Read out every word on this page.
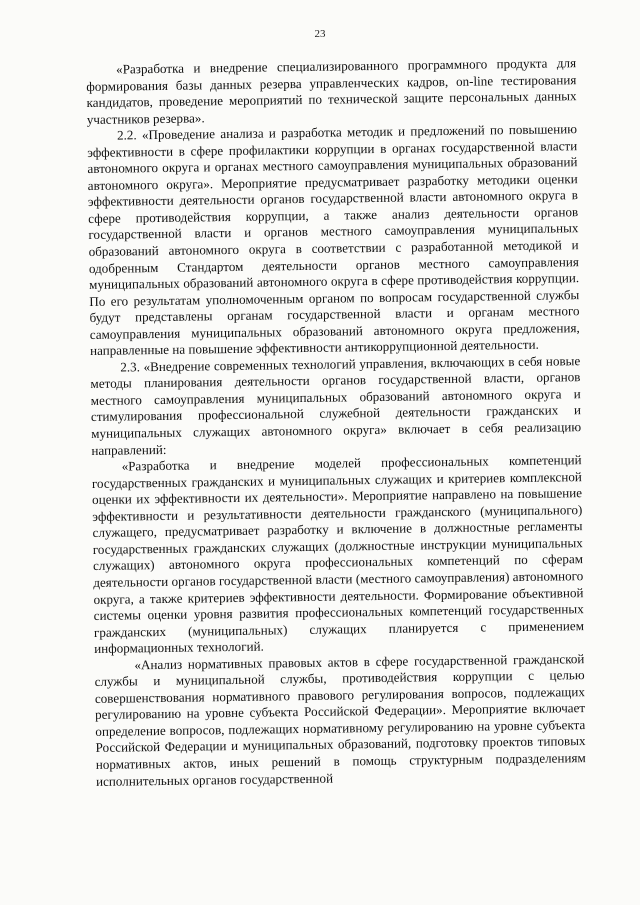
23

«Разработка и внедрение специализированного программного продукта для формирования базы данных резерва управленческих кадров, on-line тестирования кандидатов, проведение мероприятий по технической защите персональных данных участников резерва».

2.2. «Проведение анализа и разработка методик и предложений по повышению эффективности в сфере профилактики коррупции в органах государственной власти автономного округа и органах местного самоуправления муниципальных образований автономного округа». Мероприятие предусматривает разработку методики оценки эффективности деятельности органов государственной власти автономного округа в сфере противодействия коррупции, а также анализ деятельности органов государственной власти и органов местного самоуправления муниципальных образований автономного округа в соответствии с разработанной методикой и одобренным Стандартом деятельности органов местного самоуправления муниципальных образований автономного округа в сфере противодействия коррупции. По его результатам уполномоченным органом по вопросам государственной службы будут представлены органам государственной власти и органам местного самоуправления муниципальных образований автономного округа предложения, направленные на повышение эффективности антикоррупционной деятельности.

2.3. «Внедрение современных технологий управления, включающих в себя новые методы планирования деятельности органов государственной власти, органов местного самоуправления муниципальных образований автономного округа и стимулирования профессиональной служебной деятельности гражданских и муниципальных служащих автономного округа» включает в себя реализацию направлений:

«Разработка и внедрение моделей профессиональных компетенций государственных гражданских и муниципальных служащих и критериев комплексной оценки их эффективности их деятельности». Мероприятие направлено на повышение эффективности и результативности деятельности гражданского (муниципального) служащего, предусматривает разработку и включение в должностные регламенты государственных гражданских служащих (должностные инструкции муниципальных служащих) автономного округа профессиональных компетенций по сферам деятельности органов государственной власти (местного самоуправления) автономного округа, а также критериев эффективности деятельности. Формирование объективной системы оценки уровня развития профессиональных компетенций государственных гражданских (муниципальных) служащих планируется с применением информационных технологий.

«Анализ нормативных правовых актов в сфере государственной гражданской службы и муниципальной службы, противодействия коррупции с целью совершенствования нормативного правового регулирования вопросов, подлежащих регулированию на уровне субъекта Российской Федерации». Мероприятие включает определение вопросов, подлежащих нормативному регулированию на уровне субъекта Российской Федерации и муниципальных образований, подготовку проектов типовых нормативных актов, иных решений в помощь структурным подразделениям исполнительных органов государственной
